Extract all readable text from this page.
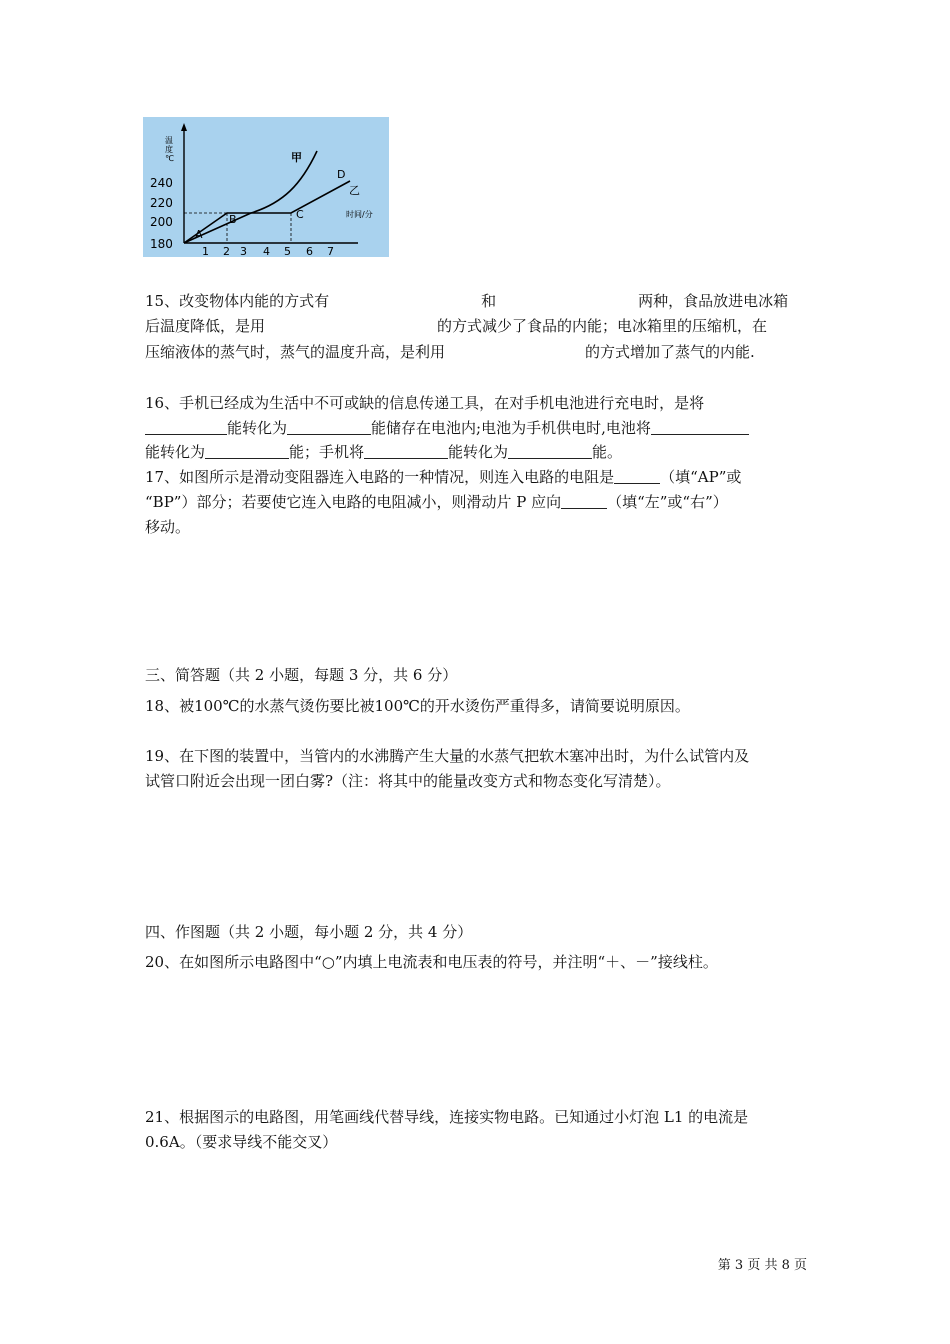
温
度
℃
180
200
220
240
1 2 3 4 5 6 7
时间/分
甲
乙
A
B	C
D
15、改变物体内能的方式有	和	两种，食品放进电冰箱
后温度降低，是用	的方式减少了食品的内能；电冰箱里的压缩机，在
压缩液体的蒸气时，蒸气的温度升高，是利用	的方式增加了蒸气的内能.
16、手机已经成为生活中不可或缺的信息传递工具，在对手机电池进行充电时，是将
能转化为	能储存在电池内;电池为手机供电时,电池将
能转化为	能；手机将	能转化为	能。
17、如图所示是滑动变阻器连入电路的一种情况，则连入电路的电阻是	（填“AP”或
“BP”）部分；若要使它连入电路的电阻减小，则滑动片 P 应向	（填“左”或“右”）
移动。
三、简答题（共 2 小题，每题 3 分，共 6 分）
18、被100℃的水蒸气烫伤要比被100℃的开水烫伤严重得多，请简要说明原因。
19、在下图的装置中，当管内的水沸腾产生大量的水蒸气把软木塞冲出时，为什么试管内及
试管口附近会出现一团白雾?（注：将其中的能量改变方式和物态变化写清楚）。
四、作图题（共 2 小题，每小题 2 分，共 4 分）
20、在如图所示电路图中“○”内填上电流表和电压表的符号，并注明“＋、－”接线柱。
21、根据图示的电路图，用笔画线代替导线，连接实物电路。已知通过小灯泡 L1 的电流是
0.6A。（要求导线不能交叉）
第 3 页 共 8 页
